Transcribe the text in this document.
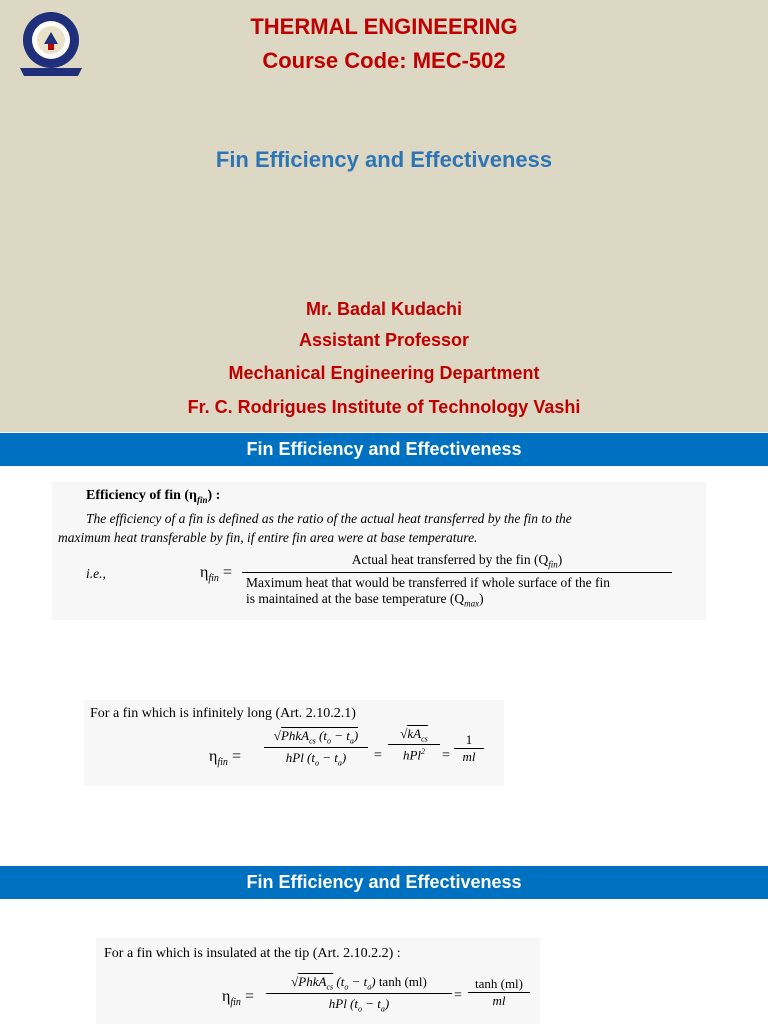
THERMAL ENGINEERING
Course Code: MEC-502
Fin Efficiency and Effectiveness
Mr. Badal Kudachi
Assistant Professor
Mechanical Engineering Department
Fr. C. Rodrigues Institute of Technology Vashi
Fin Efficiency and Effectiveness
Efficiency of fin $(\eta_{fin})$ :
The efficiency of a fin is defined as the ratio of the actual heat transferred by the fin to the
maximum heat transferable by fin, if entire fin area were at base temperature.
i.e.,	$\eta_{fin}$ =
Actual heat transferred by the fin $(Q_{fin})$
Maximum heat that would be transferred if whole surface of the fin
is maintained at the base temperature $(Q_{max})$
For a fin which is infinitely long (Art. 2.10.2.1)
$\eta_{fin}$ =
√PhkA$_{cs}$ $(t_o - t_a)$
hPl $(t_o - t_a)$	=
$√kA_{cs}$
hPl$^2$	=
1
ml
Fin Efficiency and Effectiveness
For a fin which is insulated at the tip (Art. 2.10.2.2) :
$\eta_{fin}$ =
√PhkA$_{cs}$ $(t_o - t_a)$ tanh (ml)
hPl $(t_o - t_a)$
=
tanh (ml)
ml
